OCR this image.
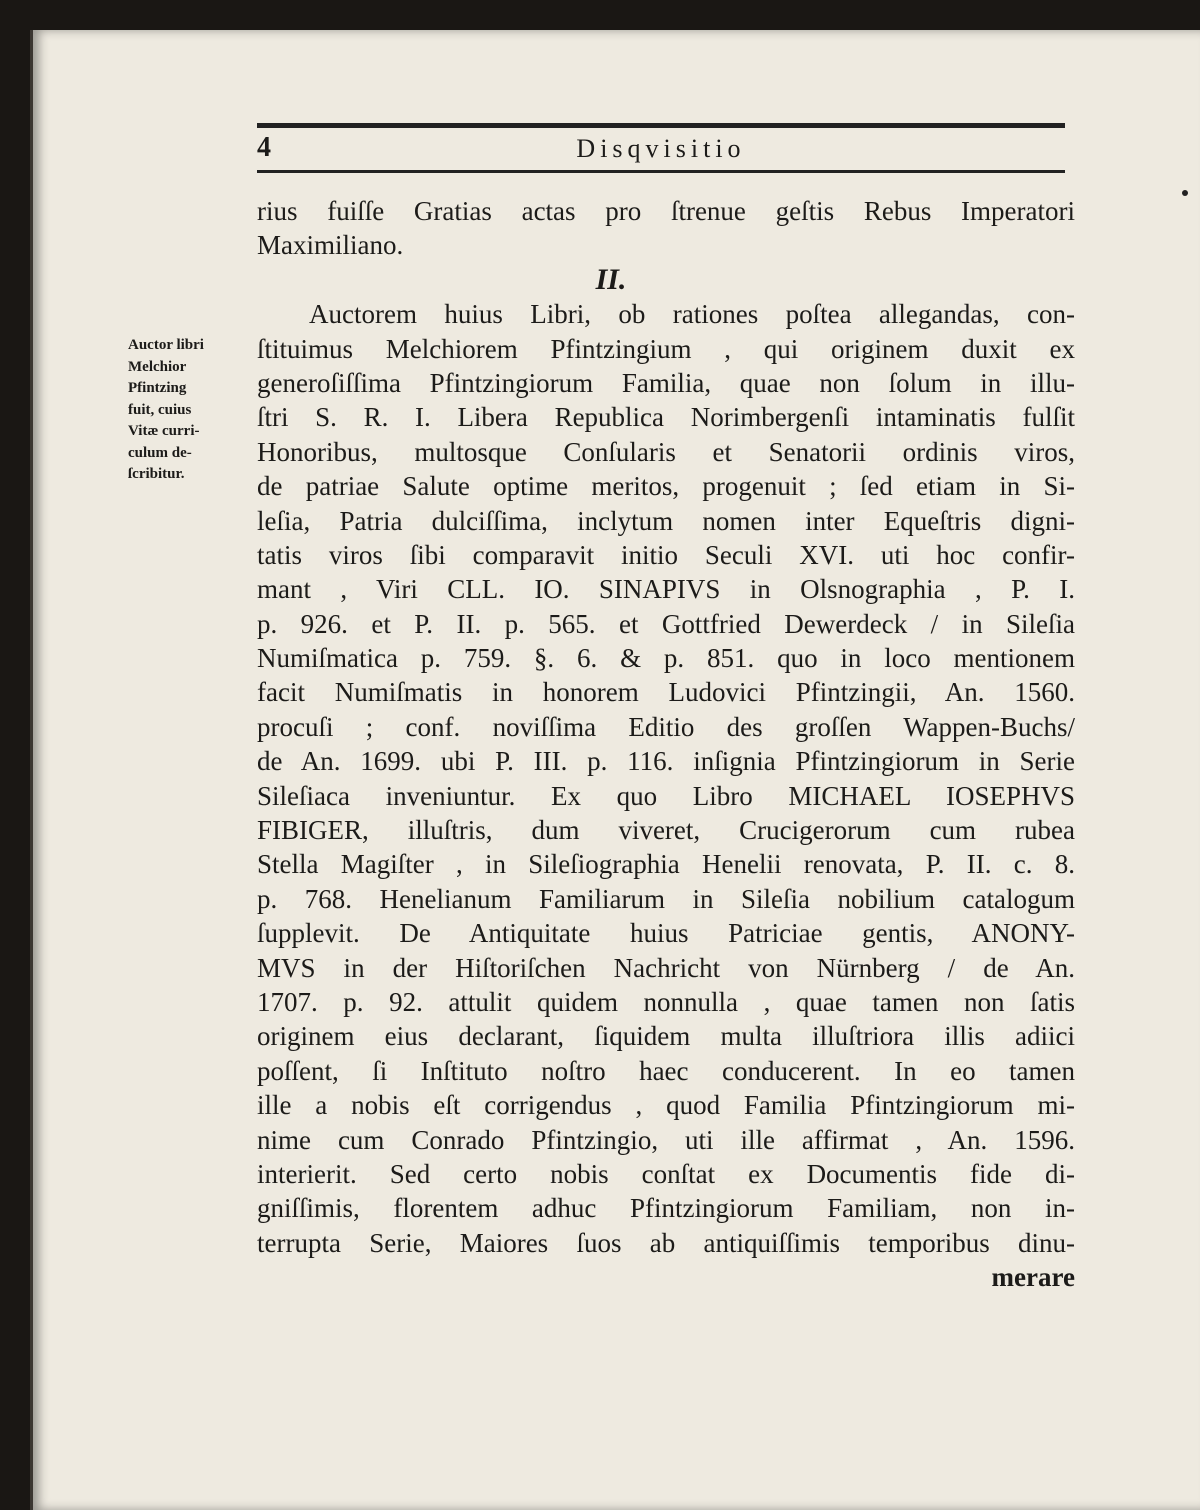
4	Disqvisitio
Auctor libri
Melchior
Pfintzing
fuit, cuius
Vitæ curri-
culum de-
ſcribitur.
rius fuiſſe Gratias actas pro ſtrenue geſtis Rebus Imperatori
Maximiliano.
II.
Auctorem huius Libri, ob rationes poſtea allegandas, con-
ſtituimus Melchiorem Pfintzingium , qui originem duxit ex
generoſiſſima Pfintzingiorum Familia, quae non ſolum in illu-
ſtri S. R. I. Libera Republica Norimbergenſi intaminatis fulſit
Honoribus, multosque Conſularis et Senatorii ordinis viros,
de patriae Salute optime meritos, progenuit ; ſed etiam in Si-
leſia, Patria dulciſſima, inclytum nomen inter Equeſtris digni-
tatis viros ſibi comparavit initio Seculi XVI. uti hoc confir-
mant , Viri CLL. IO. SINAPIVS in Olsnographia , P. I.
p. 926. et P. II. p. 565. et Gottfried Dewerdeck / in Sileſia
Numiſmatica p. 759. §. 6. & p. 851. quo in loco mentionem
facit Numiſmatis in honorem Ludovici Pfintzingii, An. 1560.
procuſi ; conf. noviſſima Editio des groſſen Wappen-Buchs/
de An. 1699. ubi P. III. p. 116. inſignia Pfintzingiorum in Serie
Sileſiaca inveniuntur. Ex quo Libro MICHAEL IOSEPHVS
FIBIGER, illuſtris, dum viveret, Crucigerorum cum rubea
Stella Magiſter , in Sileſiographia Henelii renovata, P. II. c. 8.
p. 768. Henelianum Familiarum in Sileſia nobilium catalogum
ſupplevit. De Antiquitate huius Patriciae gentis, ANONY-
MVS in der Hiſtoriſchen Nachricht von Nürnberg / de An.
1707. p. 92. attulit quidem nonnulla , quae tamen non ſatis
originem eius declarant, ſiquidem multa illuſtriora illis adiici
poſſent, ſi Inſtituto noſtro haec conducerent. In eo tamen
ille a nobis eſt corrigendus , quod Familia Pfintzingiorum mi-
nime cum Conrado Pfintzingio, uti ille affirmat , An. 1596.
interierit. Sed certo nobis conſtat ex Documentis fide di-
gniſſimis, florentem adhuc Pfintzingiorum Familiam, non in-
terrupta Serie, Maiores ſuos ab antiquiſſimis temporibus dinu-
merare
